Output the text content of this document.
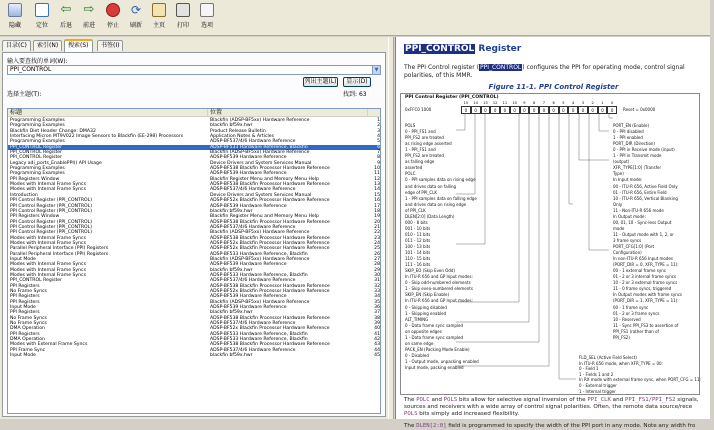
隐藏	定位
⇦
后退
⇨
前进	停止
⟳
刷新	主页	打印	选项
目录(C)	索引(N)	搜索(S)	书签(I)
输入要查找的单词(W):
PPI_CONTROL	▼
列出主题(L)	显示(D)
选择主题(T):	找到: 63
标题	位置
Programming Examples	Blackfin (ADSP-BF5xx) Hardware Reference	1
Programming Examples	blackfin bf59x.hwr	2
Blackfin Diet Header Change: DMA32	Product Release Bulletin	3
Interfacing Micron MT9V022 Image Sensors to Blackfin (EE-298) Processors	Application Notes & Articles	4
Programming Examples	ADSP-BF537/4/6 Hardware Reference	5
PPI_CONTROL Register	ADSP-BF533 Hardware Reference, Blackfin	6
PPI_CONTROL Register	Blackfin (ADSP-BF5xx) Hardware Reference	7
PPI_CONTROL Register	ADSP-BF539 Hardware Reference	8
Legacy adi_ports_EnablePPI() API Usage	Device Drivers and System Services Manual	9
Programming Examples	ADSP-BF538 Blackfin Processor Hardware Reference	10
Programming Examples	ADSP-BF539 Hardware Reference	11
PPI Registers Window	Blackfin Register Menu and Memory Menu Help	12
Modes with Internal Frame Syncs	ADSP-BF538 Blackfin Processor Hardware Reference	13
Modes with Internal Frame Syncs	ADSP-BF537/4/6 Hardware Reference	14
Introduction	Device Drivers and System Services Manual	15
PPI Control Register (PPI_CONTROL)	ADSP-BF52x Blackfin Processor Hardware Reference	16
PPI Control Register (PPI_CONTROL)	ADSP-BF539 Hardware Reference	17
PPI Control Register (PPI_CONTROL)	blackfin bf59x.hwr	18
PPI Registers Window	Blackfin Register Menu and Memory Menu Help	19
PPI Control Register (PPI_CONTROL)	ADSP-BF538 Blackfin Processor Hardware Reference	20
PPI Control Register (PPI_CONTROL)	ADSP-BF537/4/6 Hardware Reference	21
PPI Control Register (PPI_CONTROL)	Blackfin (ADSP-BF5xx) Hardware Reference	22
Modes with Internal Frame Syncs	ADSP-BF538 Blackfin Processor Hardware Reference	23
Modes with Internal Frame Syncs	ADSP-BF52x Blackfin Processor Hardware Reference	24
Parallel Peripheral Interface (PPI) Registers	ADSP-BF52x Blackfin Processor Hardware Reference	25
Parallel Peripheral Interface (PPI) Registers	ADSP-BF533 Hardware Reference, Blackfin	26
Input Mode	Blackfin (ADSP-BF5xx) Hardware Reference	27
Modes with Internal Frame Syncs	ADSP-BF539 Hardware Reference	28
Modes with Internal Frame Syncs	blackfin bf59x.hwr	29
Modes with Internal Frame Syncs	ADSP-BF533 Hardware Reference, Blackfin	30
PPI_CONTROL Register	ADSP-BF537/4/6 Hardware Reference	31
PPI Registers	ADSP-BF538 Blackfin Processor Hardware Reference	32
No Frame Syncs	ADSP-BF52x Blackfin Processor Hardware Reference	33
PPI Registers	ADSP-BF539 Hardware Reference	34
PPI Registers	Blackfin (ADSP-BF5xx) Hardware Reference	35
Input Mode	ADSP-BF539 Hardware Reference	36
PPI Registers	blackfin bf59x.hwr	37
No Frame Syncs	ADSP-BF538 Blackfin Processor Hardware Reference	38
No Frame Syncs	ADSP-BF537/4/6 Hardware Reference	39
DMA Operation	ADSP-BF52x Blackfin Processor Hardware Reference	40
PPI Registers	ADSP-BF533 Hardware Reference, Blackfin	41
DMA Operation	ADSP-BF533 Hardware Reference, Blackfin	42
Modes with External Frame Syncs	ADSP-BF538 Blackfin Processor Hardware Reference	43
PPI Frame Sync	ADSP-BF537/4/6 Hardware Reference	44
Input Mode	blackfin bf59x.hwr	45
PPI_CONTROL Register
The PPI Control register (PPI_CONTROL) configures the PPI for operating mode, control signal polarities, of this MMR.
Figure 11-1. PPI Control Register
PPI Control Register (PPI_CONTROL)
0xFFC0 1000
15	14	13	12	11	10	9	8	7	6	5	4	3	2	1	0
0	0	0	0	0	0	0	0	0	0	0	0	0	0	0	0	Reset = 0x0000
POLS
0 - PPI_FS1 and
PPI_FS2 are treated
as rising edge asserted
1 - PPI_FS1 and
PPI_FS2 are treated
as falling edge
asserted
POLC
0 - PPI samples data on rising edge
and drives data on falling
edge of PPI_CLK
1 - PPI samples data on falling edge
and drives data on rising edge
of PPI_CLK
DLEN[2:0] (Data Length)
000 - 8 bits
001 - 10 bits
010 - 11 bits
011 - 12 bits
100 - 13 bits
101 - 14 bits
110 - 15 bits
111 - 16 bits
SKIP_EO (Skip Even Odd)
In ITU-R 656 and GP Input modes:
0 - Skip odd-numbered elements
1 - Skip even-numbered elements
SKIP_EN (Skip Enable)
In ITU-R 656 and GP Input modes:
0 - Skipping disabled
1 - Skipping enabled
ALT_TIMING
0 - Data frame sync sampled
on opposite edges
1 - Data frame sync sampled
on same edge
PACK_EN (Packing Mode Enable)
0 - Disabled
1 - Output mode, unpacking enabled
Input mode, packing enabled
PORT_EN (Enable)
0 - PPI disabled
1 - PPI enabled
PORT_DIR (Direction)
0 - PPI in Receive mode (input)
1 - PPI in Transmit mode
(output)
XFR_TYPE[1:0] (Transfer
Type)
In Input mode:
00 - ITU-R 656, Active Field Only
01 - ITU-R 656, Entire Field
10 - ITU-R 656, Vertical Blanking
Only
11 - Non-ITU-R 656 mode
In Output mode:
00, 01, 10 - Sync-less Output
mode
11 - Output mode with 1, 2, or
3 frame syncs
PORT_CFG[1:0] (Port
Configuration)
In non-ITU-R 656 Input modes
(PORT_DIR = 0, XFR_TYPE = 11):
00 - 1 external frame sync
01 - 2 or 3 internal frame syncs
10 - 2 or 3 external frame syncs
11 - 0 frame syncs, triggered
In Output modes with frame syncs
(PORT_DIR = 1, XFR_TYPE = 11):
00 - 1 frame sync
01 - 2 or 3 frame syncs
10 - Reserved
11 - Sync PPI_FS3 to assertion of
PPI_FS1 (rather than of
PPI_FS2)
FLD_SEL (Active Field Select)
In ITU-R 656 mode, when XFR_TYPE = 00:
0 - Field 1
1 - Fields 1 and 2
In RX mode with external frame sync, when PORT_CFG = 11:
0 - External trigger
1 - Internal trigger
The POLC and POLS bits allow for selective signal inversion of the PPI_CLK and PPI_FS1/PPI_FS2 signals,
sources and receivers with a wide array of control signal polarities. Often, the remote data source/rece
POLS bits simply add increased flexibility.
The DLEN[2:0] field is programmed to specify the width of the PPI port in any mode. Note any width fro
